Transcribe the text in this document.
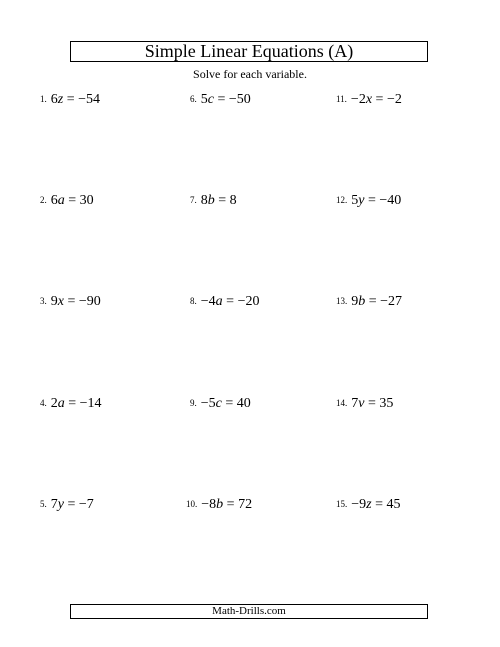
Simple Linear Equations (A)
Solve for each variable.
1. 6z = −54	6. 5c = −50	11. −2x = −2
2. 6a = 30	7. 8b = 8	12. 5y = −40
3. 9x = −90	8. −4a = −20	13. 9b = −27
4. 2a = −14	9. −5c = 40	14. 7v = 35
5. 7y = −7	10. −8b = 72	15. −9z = 45
Math-Drills.com
